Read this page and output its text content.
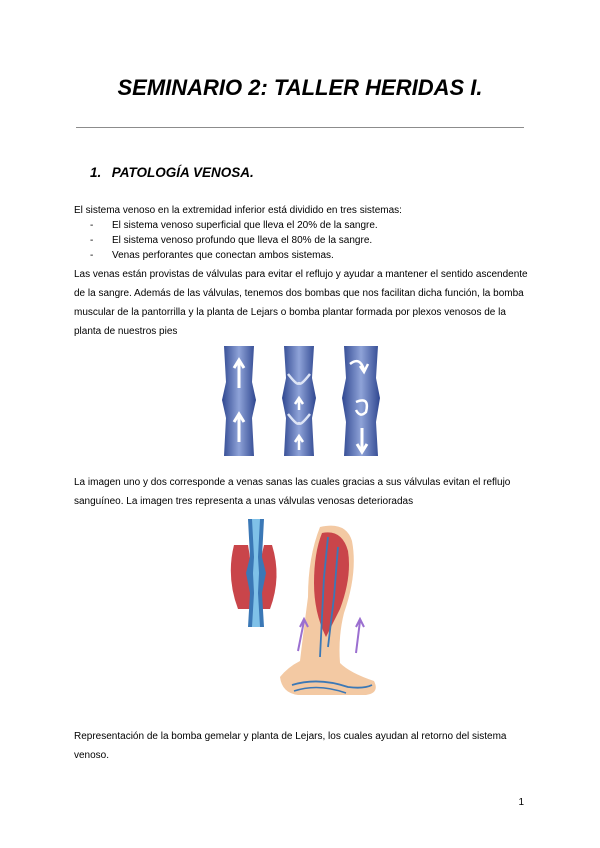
SEMINARIO 2: TALLER HERIDAS I.
1. PATOLOGÍA VENOSA.

El sistema venoso en la extremidad inferior está dividido en tres sistemas:

- El sistema venoso superficial que lleva el 20% de la sangre.
- El sistema venoso profundo que lleva el 80% de la sangre.
- Venas perforantes que conectan ambos sistemas.

Las venas están provistas de válvulas para evitar el reflujo y ayudar a mantener el sentido ascendente de la sangre. Además de las válvulas, tenemos dos bombas que nos facilitan dicha función, la bomba muscular de la pantorrilla y la planta de Lejars o bomba plantar formada por plexos venosos de la planta de nuestros pies

La imagen uno y dos corresponde a venas sanas las cuales gracias a sus válvulas evitan el reflujo sanguíneo. La imagen tres representa a unas válvulas venosas deterioradas

Representación de la bomba gemelar y planta de Lejars, los cuales ayudan al retorno del sistema venoso.

1
